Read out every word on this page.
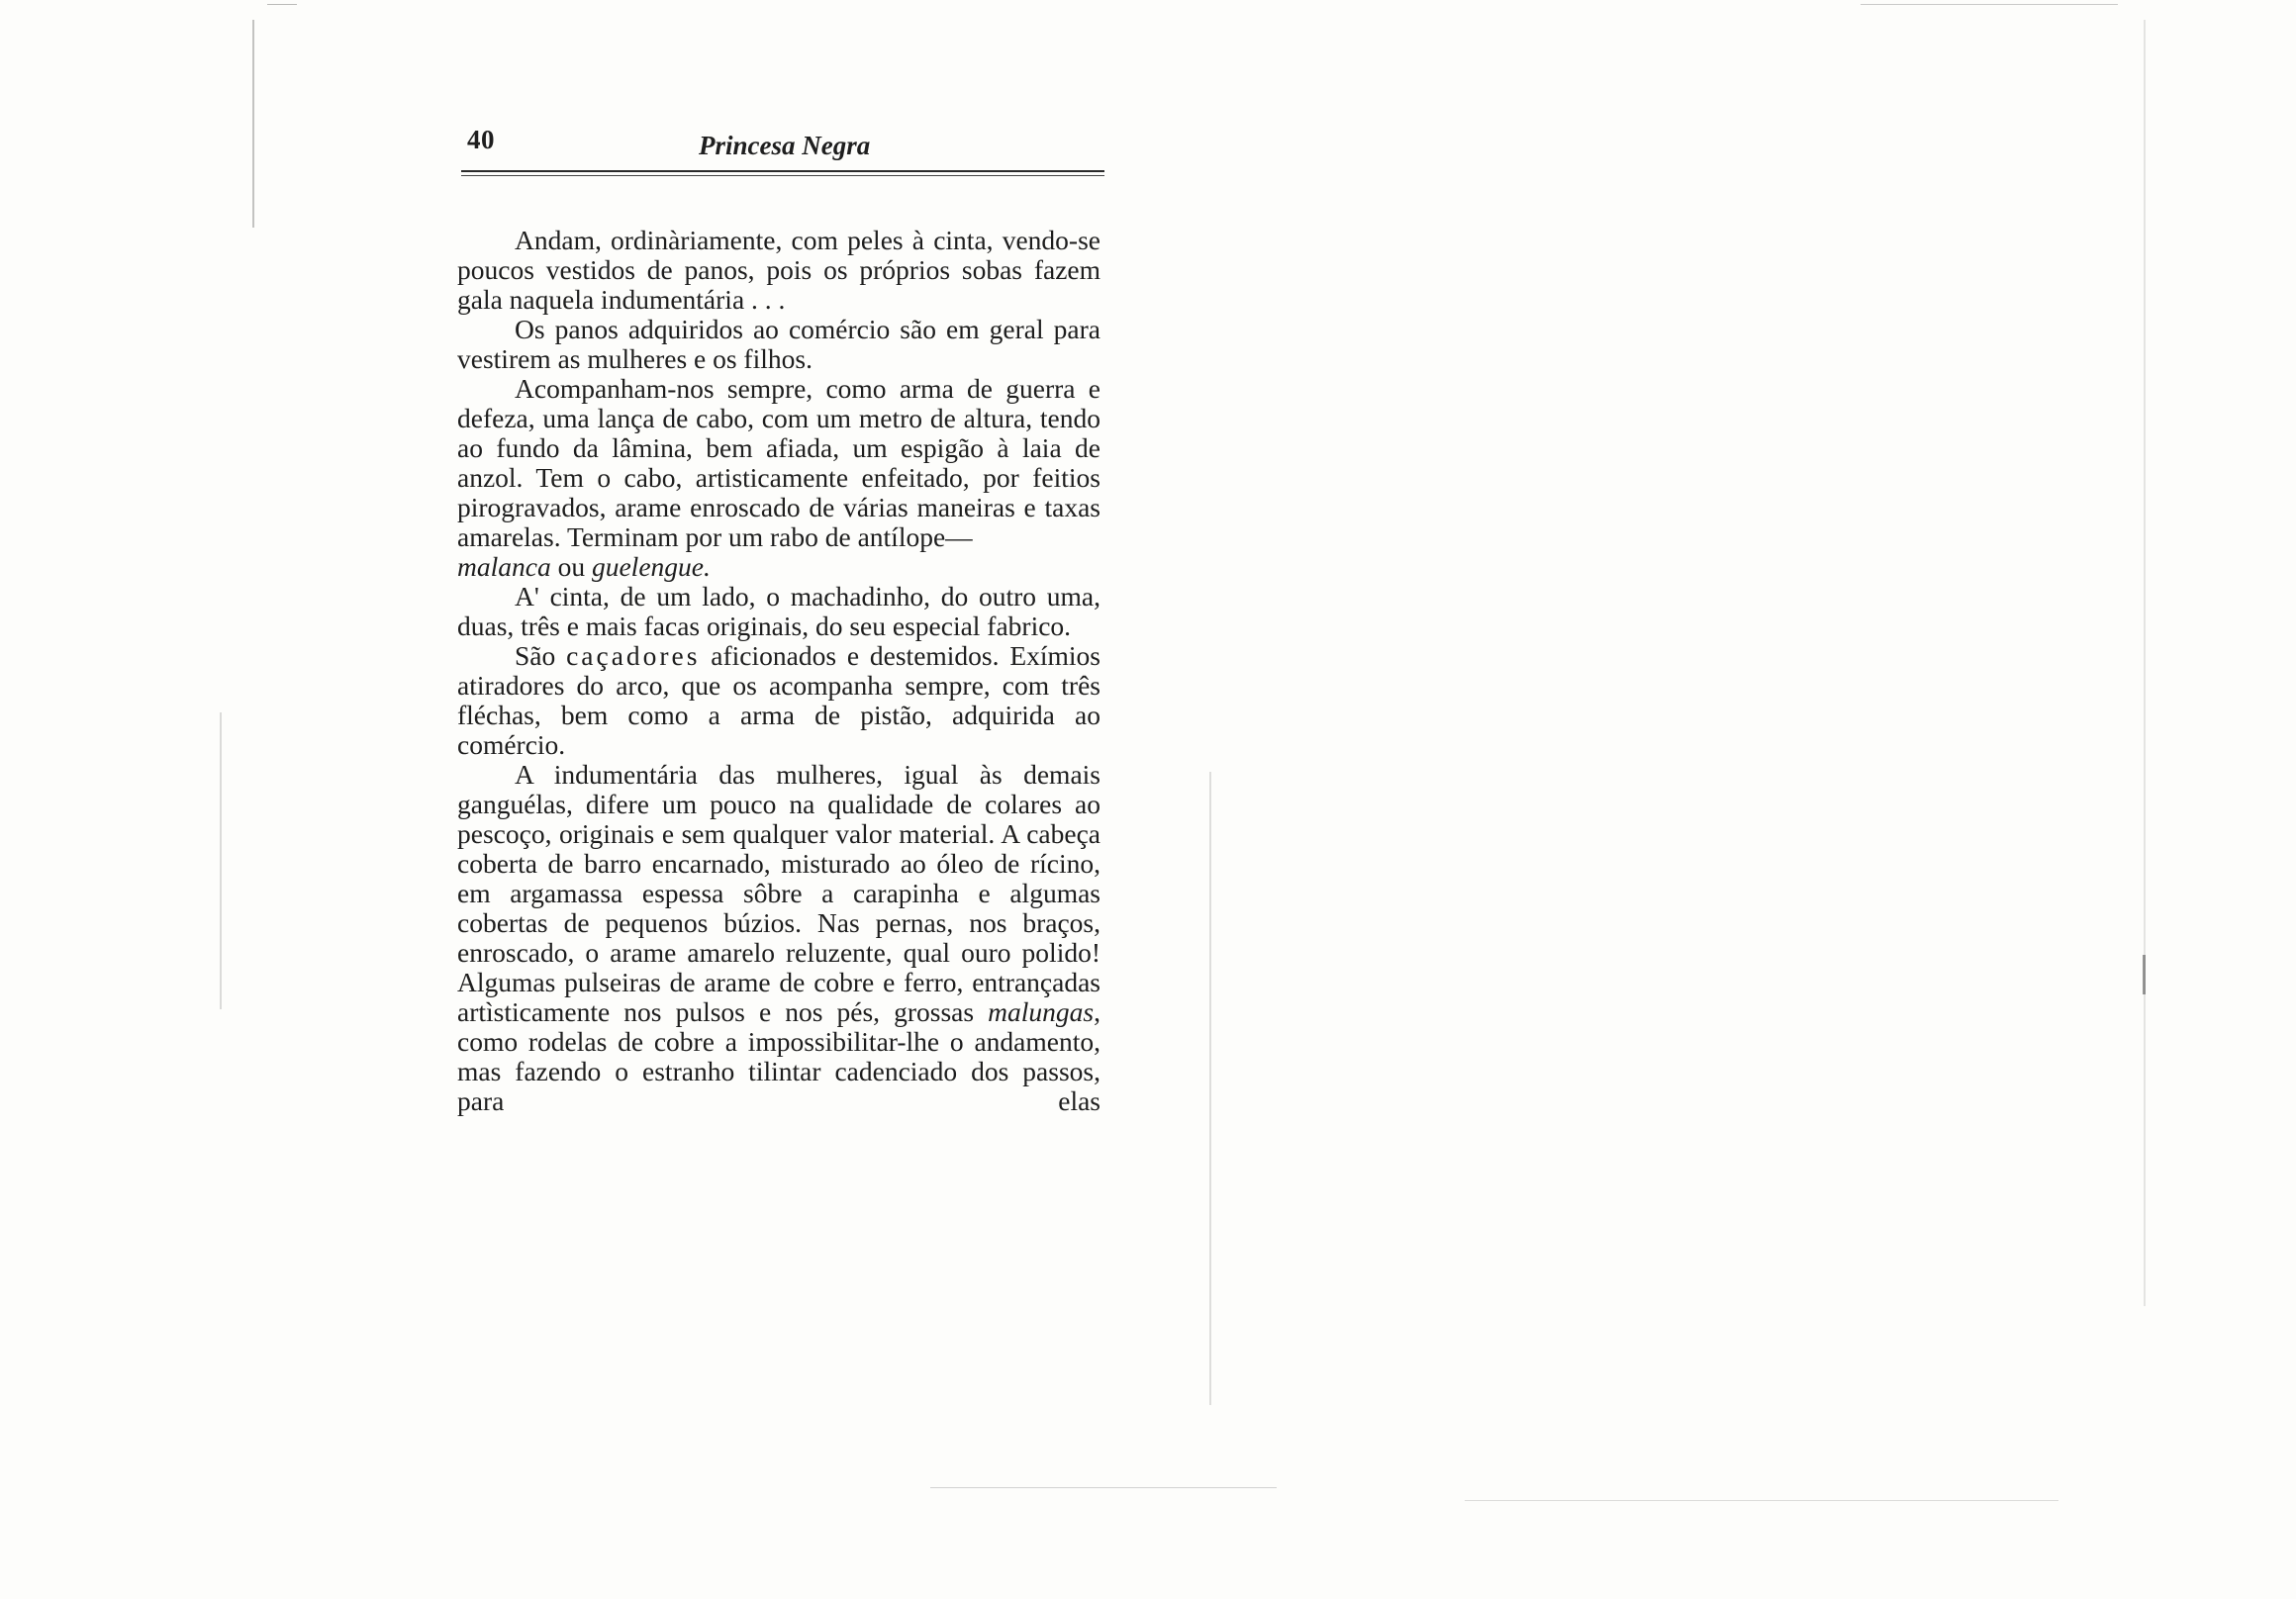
40	Princesa Negra

Andam, ordinàriamente, com peles à cinta, vendo-se poucos vestidos de panos, pois os próprios sobas fazem gala naquela indumentária . . .

Os panos adquiridos ao comércio são em geral para vestirem as mulheres e os filhos.

Acompanham-nos sempre, como arma de guerra e defeza, uma lança de cabo, com um metro de altura, tendo ao fundo da lâmina, bem afiada, um espigão à laia de anzol. Tem o cabo, artisticamente enfeitado, por feitios pirogravados, arame enroscado de várias maneiras e taxas amarelas. Terminam por um rabo de antílope—
malanca ou guelengue.

A' cinta, de um lado, o machadinho, do outro uma, duas, três e mais facas originais, do seu especial fabrico.

São caçadores aficionados e destemidos. Exímios atiradores do arco, que os acompanha sempre, com três fléchas, bem como a arma de pistão, adquirida ao comércio.

A indumentária das mulheres, igual às demais ganguélas, difere um pouco na qualidade de colares ao pescoço, originais e sem qualquer valor material. A cabeça coberta de barro encarnado, misturado ao óleo de rícino, em argamassa espessa sôbre a carapinha e algumas cobertas de pequenos búzios. Nas pernas, nos braços, enroscado, o arame amarelo reluzente, qual ouro polido! Algumas pulseiras de arame de cobre e ferro, entrançadas artìsticamente nos pulsos e nos pés, grossas malungas, como rodelas de cobre a impossibilitar-lhe o andamento, mas fazendo o estranho tilintar cadenciado dos passos, para elas
